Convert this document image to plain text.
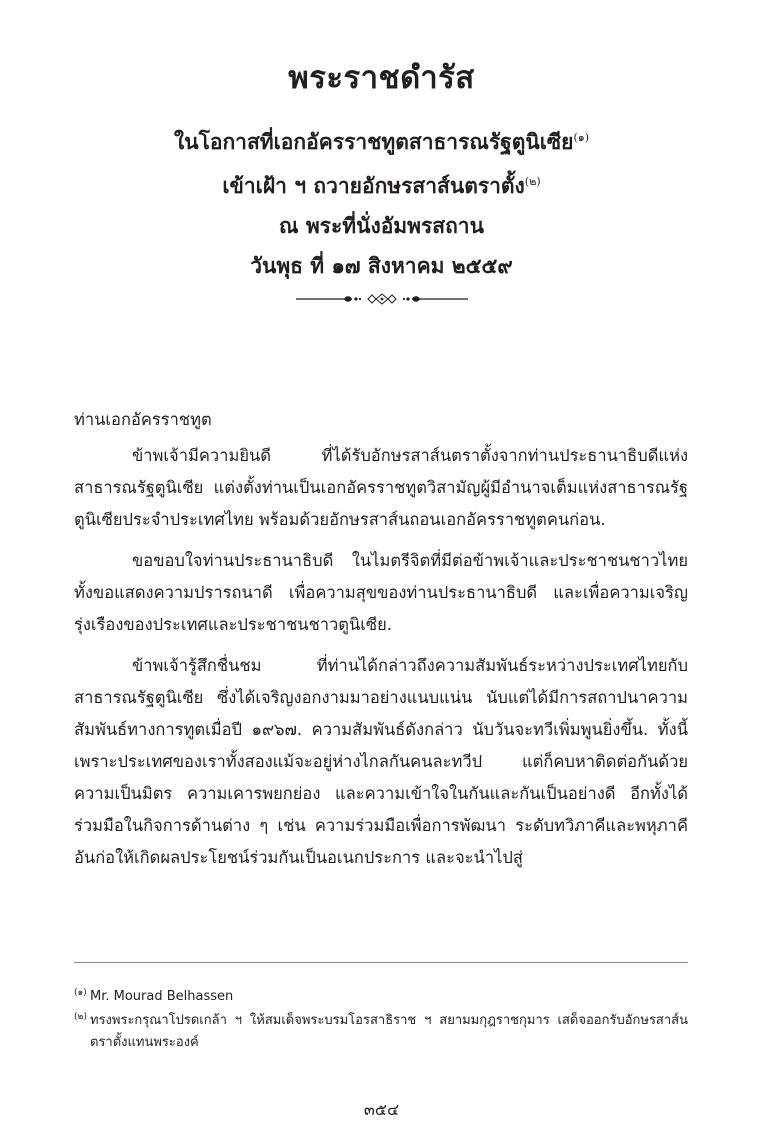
พระราชดำรัส
ในโอกาสที่เอกอัครราชทูตสาธารณรัฐตูนิเซีย$^{(๑)}$
เข้าเฝ้า ฯ ถวายอักษรสาส์นตราตั้ง$^{(๒)}$
ณ พระที่นั่งอัมพรสถาน
วันพุธ ที่ ๑๗ สิงหาคม ๒๕๕๙

ท่านเอกอัครราชทูต

ข้าพเจ้ามีความยินดี ที่ได้รับอักษรสาส์นตราตั้งจากท่านประธานาธิบดีแห่งสาธารณรัฐตูนิเซีย แต่งตั้งท่านเป็นเอกอัครราชทูตวิสามัญผู้มีอำนาจเต็มแห่งสาธารณรัฐตูนิเซียประจำประเทศไทย พร้อมด้วยอักษรสาส์นถอนเอกอัครราชทูตคนก่อน.

ขอขอบใจท่านประธานาธิบดี ในไมตรีจิตที่มีต่อข้าพเจ้าและประชาชนชาวไทย ทั้งขอแสดงความปรารถนาดี เพื่อความสุขของท่านประธานาธิบดี และเพื่อความเจริญรุ่งเรืองของประเทศและประชาชนชาวตูนิเซีย.

ข้าพเจ้ารู้สึกชื่นชม ที่ท่านได้กล่าวถึงความสัมพันธ์ระหว่างประเทศไทยกับสาธารณรัฐตูนิเซีย ซึ่งได้เจริญงอกงามมาอย่างแนบแน่น นับแต่ได้มีการสถาปนาความสัมพันธ์ทางการทูตเมื่อปี ๑๙๖๗. ความสัมพันธ์ดังกล่าว นับวันจะทวีเพิ่มพูนยิ่งขึ้น. ทั้งนี้ เพราะประเทศของเราทั้งสองแม้จะอยู่ห่างไกลกันคนละทวีป แต่ก็คบหาติดต่อกันด้วยความเป็นมิตร ความเคารพยกย่อง และความเข้าใจในกันและกันเป็นอย่างดี อีกทั้งได้ร่วมมือในกิจการด้านต่าง ๆ เช่น ความร่วมมือเพื่อการพัฒนา ระดับทวิภาคีและพหุภาคี อันก่อให้เกิดผลประโยชน์ร่วมกันเป็นอเนกประการ และจะนำไปสู่

(๑) Mr. Mourad Belhassen
(๒) ทรงพระกรุณาโปรดเกล้า ฯ ให้สมเด็จพระบรมโอรสาธิราช ฯ สยามมกุฎราชกุมาร เสด็จออกรับอักษรสาส์นตราตั้งแทนพระองค์
๓๕๔
